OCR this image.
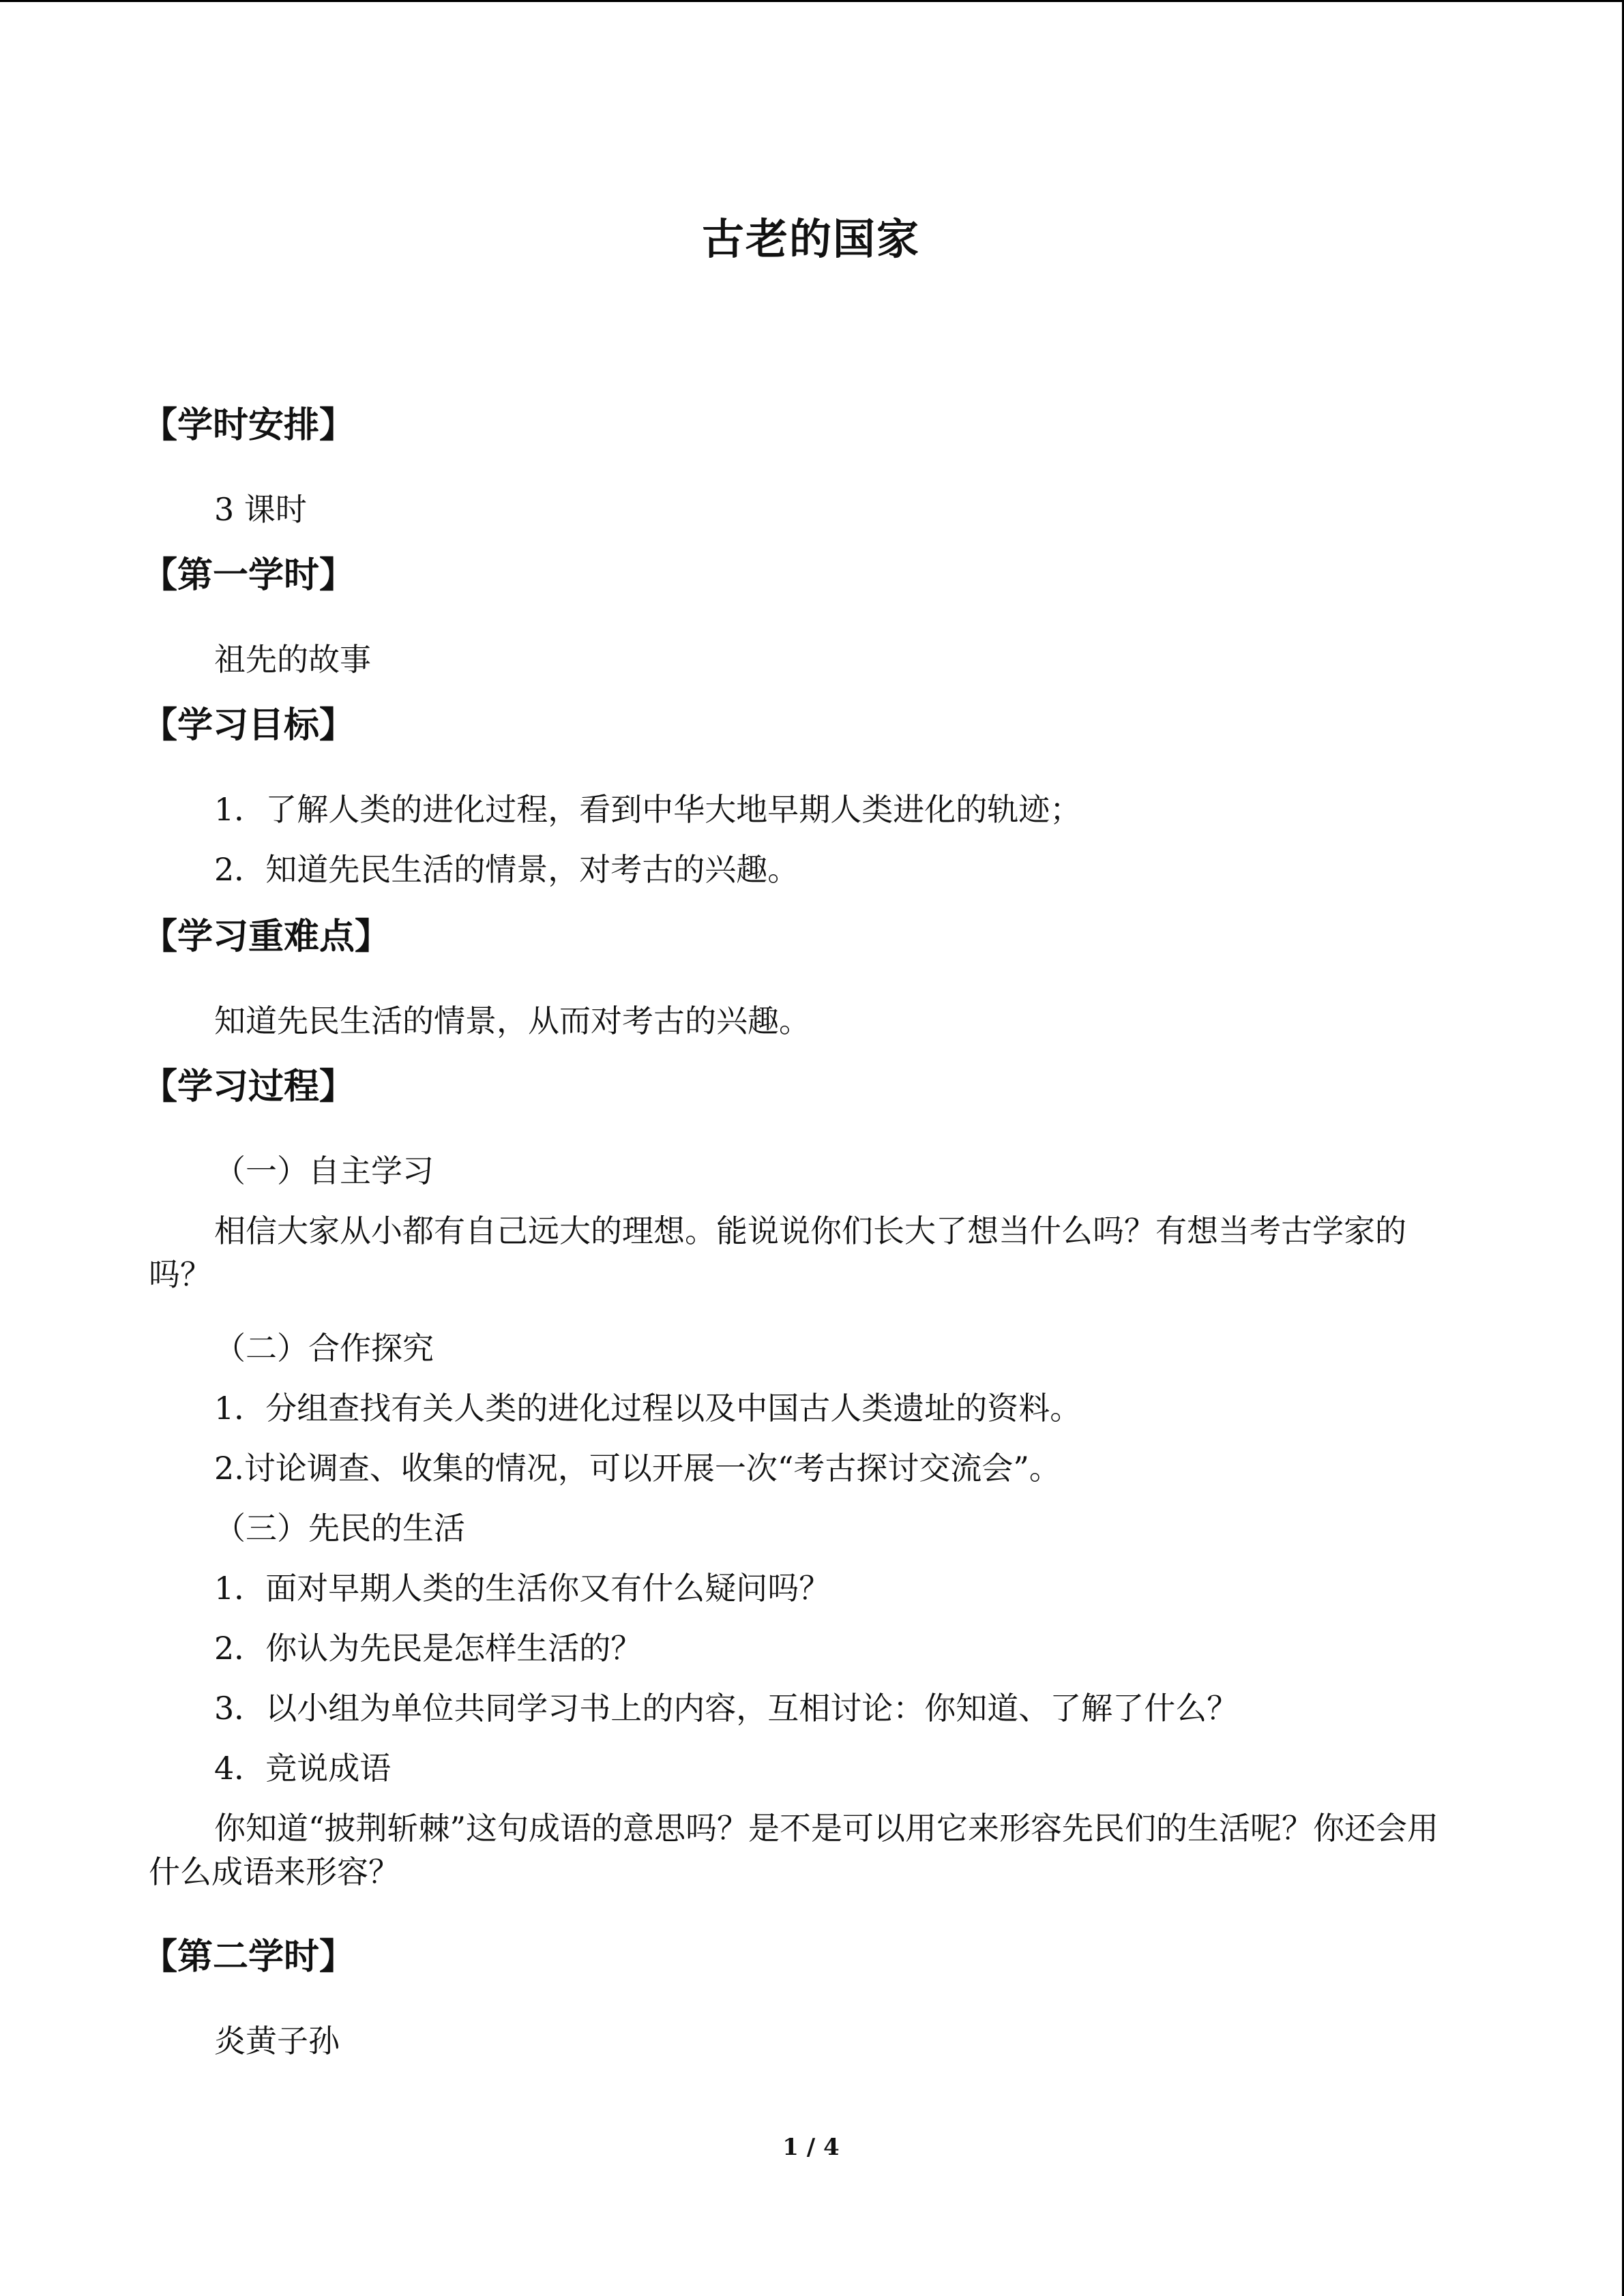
古老的国家
【学时安排】
3 课时
【第一学时】
祖先的故事
【学习目标】
1．了解人类的进化过程，看到中华大地早期人类进化的轨迹；
2．知道先民生活的情景，对考古的兴趣。
【学习重难点】
知道先民生活的情景，从而对考古的兴趣。
【学习过程】
（一）自主学习
相信大家从小都有自己远大的理想。能说说你们长大了想当什么吗？有想当考古学家的吗？
（二）合作探究
1．分组查找有关人类的进化过程以及中国古人类遗址的资料。
2.讨论调查、收集的情况，可以开展一次“考古探讨交流会”。
（三）先民的生活
1．面对早期人类的生活你又有什么疑问吗？
2．你认为先民是怎样生活的？
3．以小组为单位共同学习书上的内容，互相讨论：你知道、了解了什么？
4．竞说成语
你知道“披荆斩棘”这句成语的意思吗？是不是可以用它来形容先民们的生活呢？你还会用什么成语来形容？
【第二学时】
炎黄子孙
1 / 4
